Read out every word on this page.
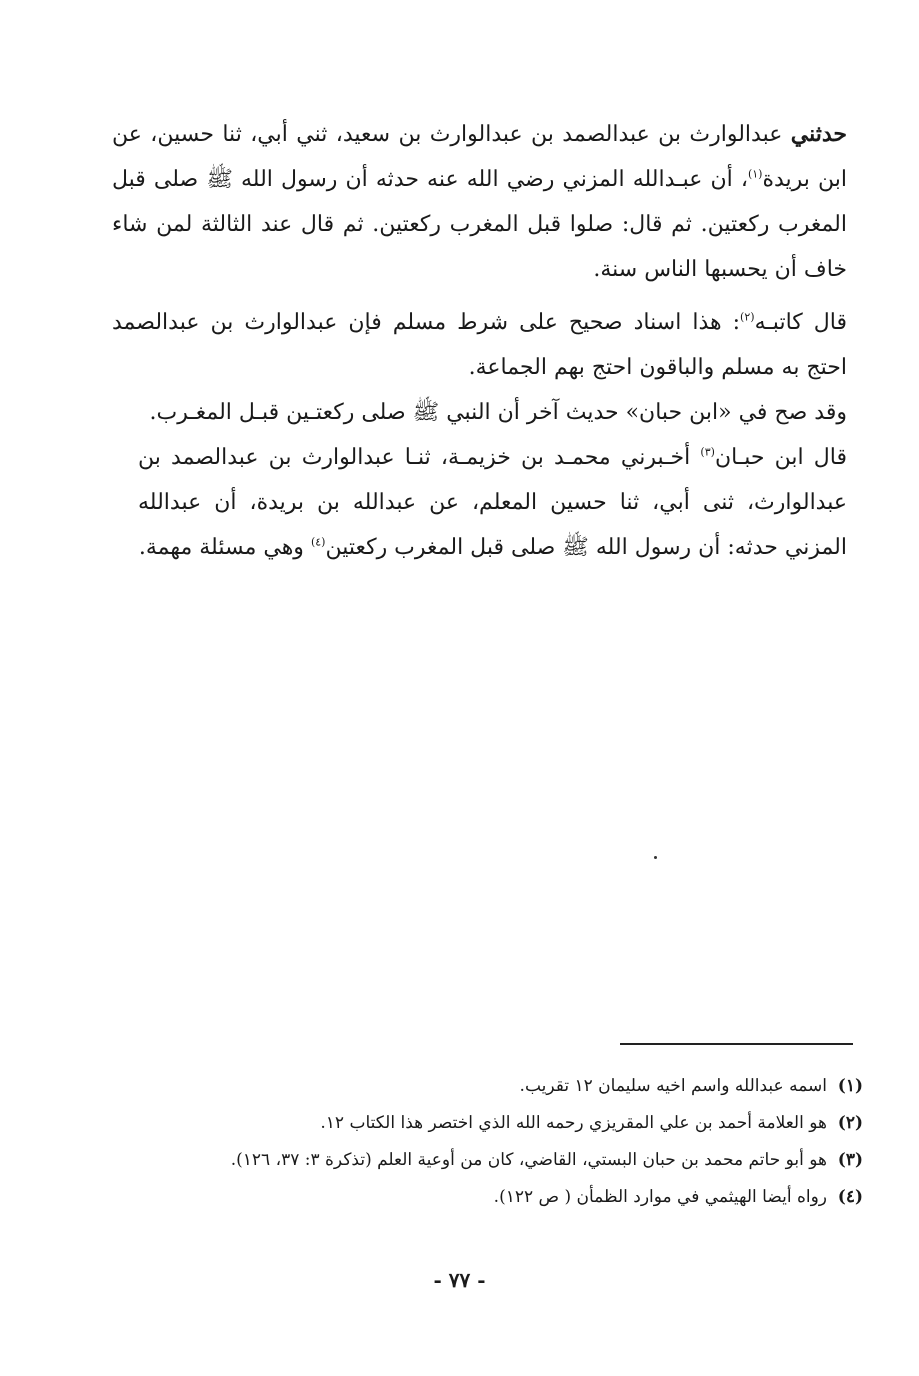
حدثني عبدالوارث بن عبدالصمد بن عبدالوارث بن سعيد، ثني أبي، ثنا حسين، عن ابن بريدة$^{(١)}$، أن عبـدالله المزني رضي الله عنه حدثه أن رسول الله ﷺ صلى قبل المغرب ركعتين. ثم قال: صلوا قبل المغرب ركعتين. ثم قال عند الثالثة لمن شاء خاف أن يحسبها الناس سنة.

قال كاتبـه$^{(٢)}$: هذا اسناد صحيح على شرط مسلم فإن عبدالوارث بن عبدالصمد احتج به مسلم والباقون احتج بهم الجماعة.

وقد صح في «ابن حبان» حديث آخر أن النبي ﷺ صلى ركعتـين قبـل المغـرب.

قال ابن حبـان$^{(٣)}$ أخـبرني محمـد بن خزيمـة، ثنـا عبدالوارث بن عبدالصمد بن عبدالوارث، ثنى أبي، ثنا حسين المعلم، عن عبدالله بن بريدة، أن عبدالله المزني حدثه: أن رسول الله ﷺ صلى قبل المغرب ركعتين$^{(٤)}$ وهي مسئلة مهمة.

(١)اسمه عبدالله واسم اخيه سليمان ١٢ تقريب.

(٢)هو العلامة أحمد بن علي المقريزي رحمه الله الذي اختصر هذا الكتاب ١٢.

(٣)هو أبو حاتم محمد بن حبان البستي، القاضي، كان من أوعية العلم (تذكرة ٣: ٣٧، ١٢٦).

(٤)رواه أيضا الهيثمي في موارد الظمأن ( ص ١٢٢).

- ٧٧ -
